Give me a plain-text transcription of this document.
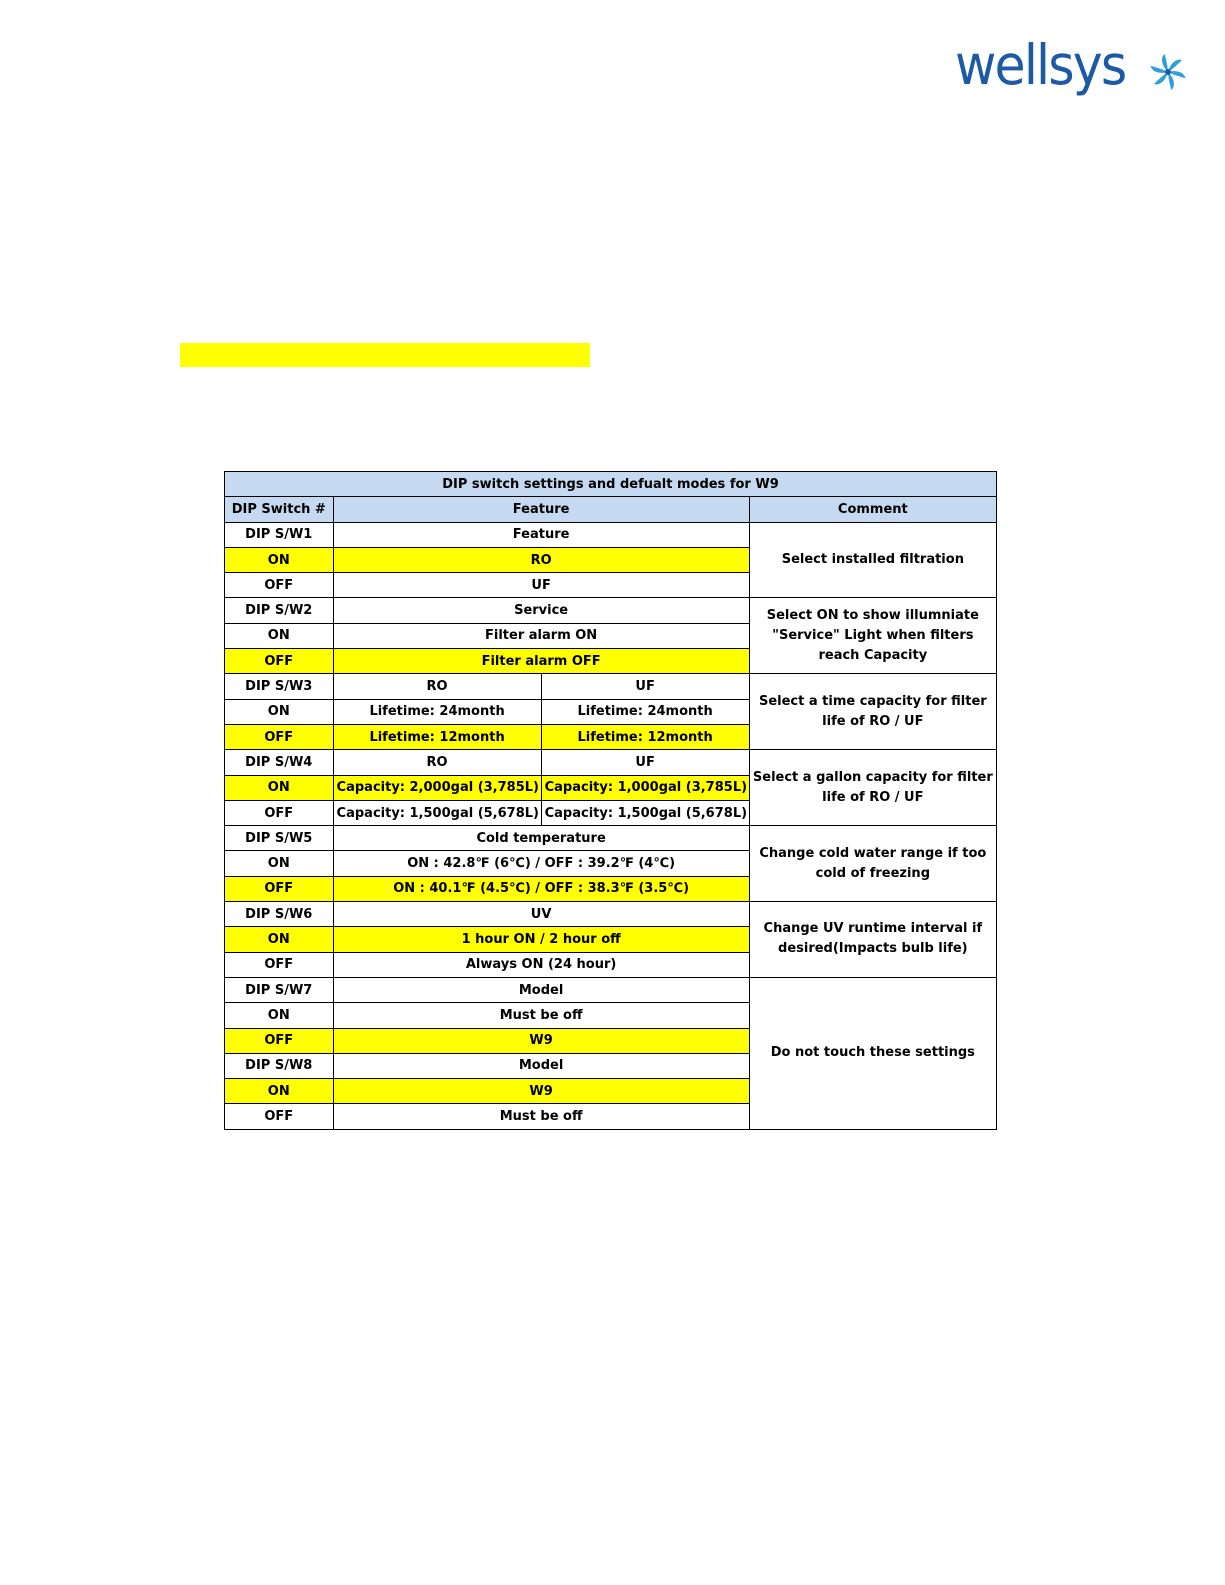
wellsys
DIP switch settings and defualt modes for W9			
DIP Switch #	Feature		Comment
DIP S/W1	Feature		Select installed filtration
ON	RO		
OFF	UF		
DIP S/W2	Service		Select ON to show illumniate "Service" Light when filters reach Capacity
ON	Filter alarm ON		
OFF	Filter alarm OFF		
DIP S/W3	RO	UF	Select a time capacity for filter life of RO / UF
ON	Lifetime: 24month	Lifetime: 24month	
OFF	Lifetime: 12month	Lifetime: 12month	
DIP S/W4	RO	UF	Select a gallon capacity for filter life of RO / UF
ON	Capacity: 2,000gal (3,785L)	Capacity: 1,000gal (3,785L)	
OFF	Capacity: 1,500gal (5,678L)	Capacity: 1,500gal (5,678L)	
DIP S/W5	Cold temperature		Change cold water range if too cold of freezing
ON	ON : 42.8℉ (6℃) / OFF : 39.2℉ (4℃)		
OFF	ON : 40.1℉ (4.5℃) / OFF : 38.3℉ (3.5℃)		
DIP S/W6	UV		Change UV runtime interval if desired(Impacts bulb life)
ON	1 hour ON / 2 hour off		
OFF	Always ON (24 hour)		
DIP S/W7	Model		Do not touch these settings
ON	Must be off		
OFF	W9		
DIP S/W8	Model		
ON	W9		
OFF	Must be off		
